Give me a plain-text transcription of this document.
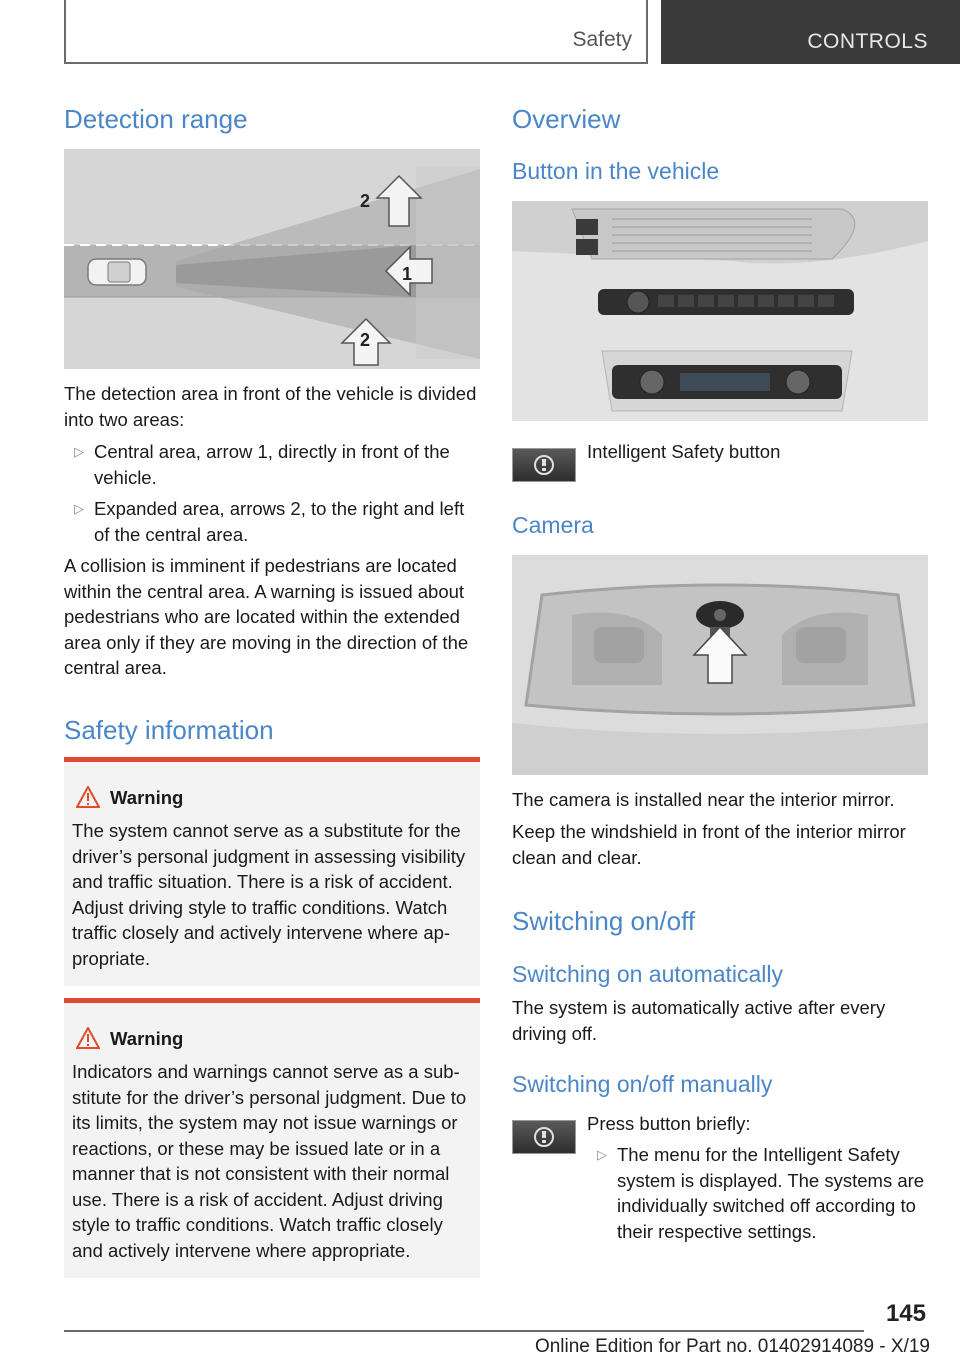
Safety	CONTROLS
Detection range
2
1
2

The detection area in front of the vehicle is divided into two areas:

▷ Central area, arrow 1, directly in front of the vehicle.
▷ Expanded area, arrows 2, to the right and left of the central area.

A collision is imminent if pedestrians are located within the central area. A warning is issued about pedestrians who are located within the extended area only if they are moving in the direction of the central area.

Safety information
Warning
The system cannot serve as a substitute for the driver’s personal judgment in assessing visibility and traffic situation. There is a risk of accident. Adjust driving style to traffic conditions. Watch traffic closely and actively intervene where appropriate.
Warning
Indicators and warnings cannot serve as a substitute for the driver’s personal judgment. Due to its limits, the system may not issue warnings or reactions, or these may be issued late or in a manner that is not consistent with their normal use. There is a risk of accident. Adjust driving style to traffic conditions. Watch traffic closely and actively intervene where appropriate.
Overview
Button in the vehicle
Intelligent Safety button
Camera

The camera is installed near the interior mirror.

Keep the windshield in front of the interior mirror clean and clear.

Switching on/off
Switching on automatically

The system is automatically active after every driving off.

Switching on/off manually
Press button briefly:
▷ The menu for the Intelligent Safety system is displayed. The systems are individually switched off according to their respective settings.
145
Online Edition for Part no. 01402914089 - X/19
